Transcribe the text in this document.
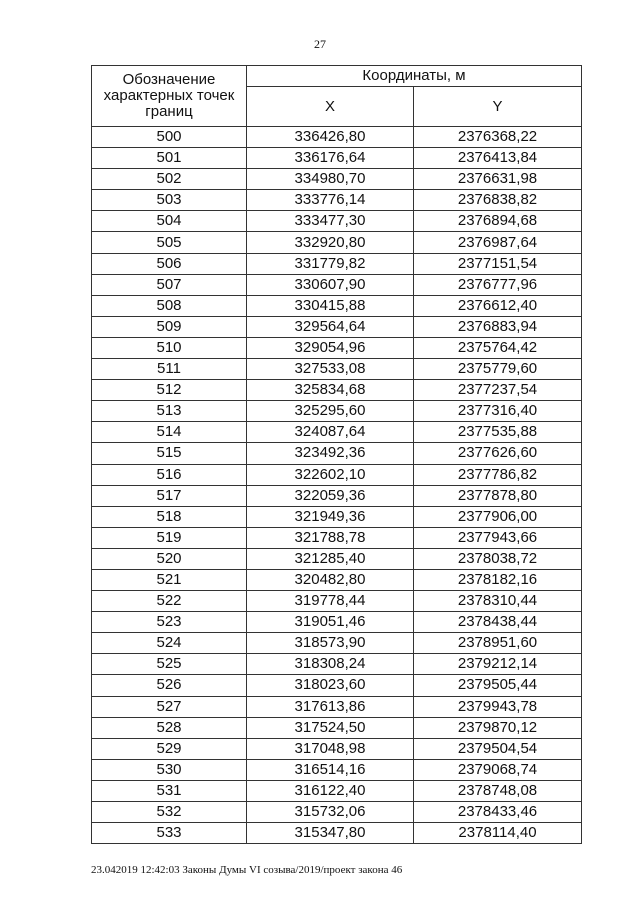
27
Обозначение характерных точек границ	Координаты, м	
	X	Y
500	336426,80	2376368,22
501	336176,64	2376413,84
502	334980,70	2376631,98
503	333776,14	2376838,82
504	333477,30	2376894,68
505	332920,80	2376987,64
506	331779,82	2377151,54
507	330607,90	2376777,96
508	330415,88	2376612,40
509	329564,64	2376883,94
510	329054,96	2375764,42
511	327533,08	2375779,60
512	325834,68	2377237,54
513	325295,60	2377316,40
514	324087,64	2377535,88
515	323492,36	2377626,60
516	322602,10	2377786,82
517	322059,36	2377878,80
518	321949,36	2377906,00
519	321788,78	2377943,66
520	321285,40	2378038,72
521	320482,80	2378182,16
522	319778,44	2378310,44
523	319051,46	2378438,44
524	318573,90	2378951,60
525	318308,24	2379212,14
526	318023,60	2379505,44
527	317613,86	2379943,78
528	317524,50	2379870,12
529	317048,98	2379504,54
530	316514,16	2379068,74
531	316122,40	2378748,08
532	315732,06	2378433,46
533	315347,80	2378114,40
23.042019 12:42:03 Законы Думы VI созыва/2019/проект закона 46
